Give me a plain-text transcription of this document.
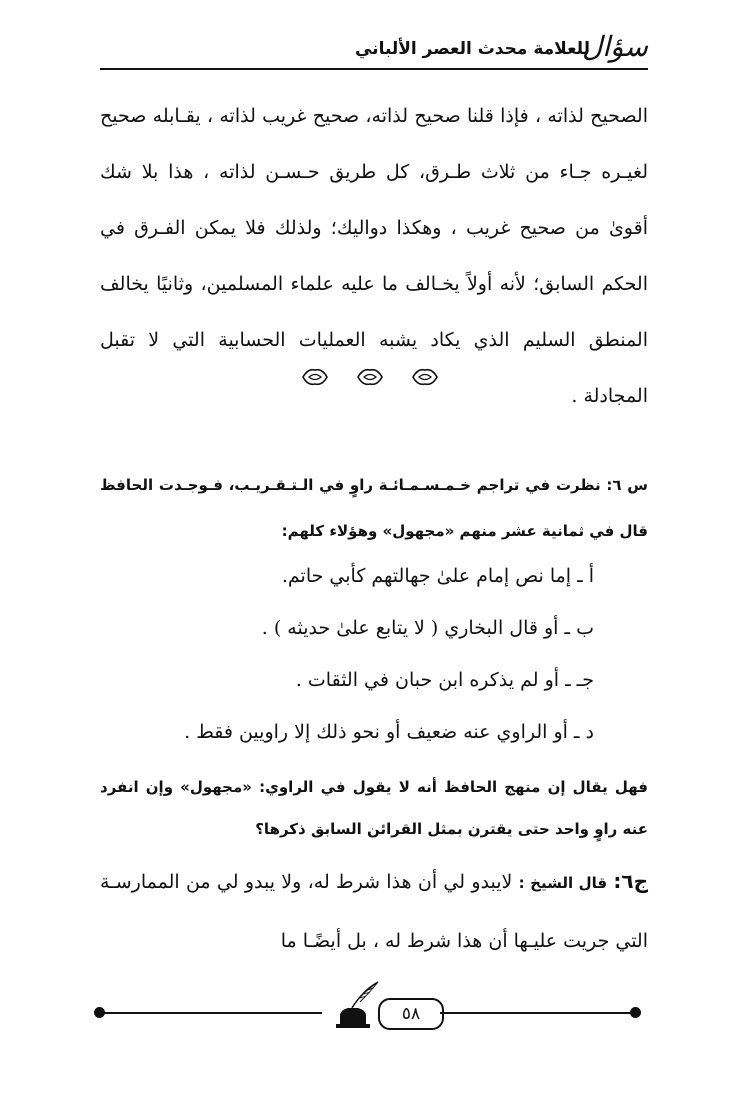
سؤال
للعلامة محدث العصر الألباني
الصحيح لذاته ، فإذا قلنا صحيح لذاته، صحيح غريب لذاته ، يقـابله صحيح لغيـره جـاء من ثلاث طـرق، كل طريق حـسـن لذاته ، هذا بلا شك أقوىٰ من صحيح غريب ، وهكذا دواليك؛ ولذلك فلا يمكن الفـرق في الحكم السابق؛ لأنه أولاً يخـالف ما عليه علماء المسلمين، وثانيًا يخالف المنطق السليم الذي يكاد يشبه العمليات الحسابية التي لا تقبل المجادلة .
س ٦: نظرت في تراجم خـمـسـمـائـة راوٍ في الـتـقـريـب، فـوجـدت الحافظ قال في ثمانية عشر منهم «مجهول» وهؤلاء كلهم:
أ ـ إما نص إمام علىٰ جهالتهم كأبي حاتم.
ب ـ أو قال البخاري ( لا يتابع علىٰ حديثه ) .
جـ ـ أو لم يذكره ابن حبان في الثقات .
د ـ أو الراوي عنه ضعيف أو نحو ذلك إلا راويين فقط .
فهل يقال إن منهج الحافظ أنه لا يقول في الراوي: «مجهول» وإن انفرد عنه راوٍ واحد حتى يقترن بمثل القرائن السابق ذكرها؟
ج٦: قال الشيخ : لايبدو لي أن هذا شرط له، ولا يبدو لي من الممارسـة التي جريت عليـها أن هذا شرط له ، بل أيضًـا ما
٥٨
